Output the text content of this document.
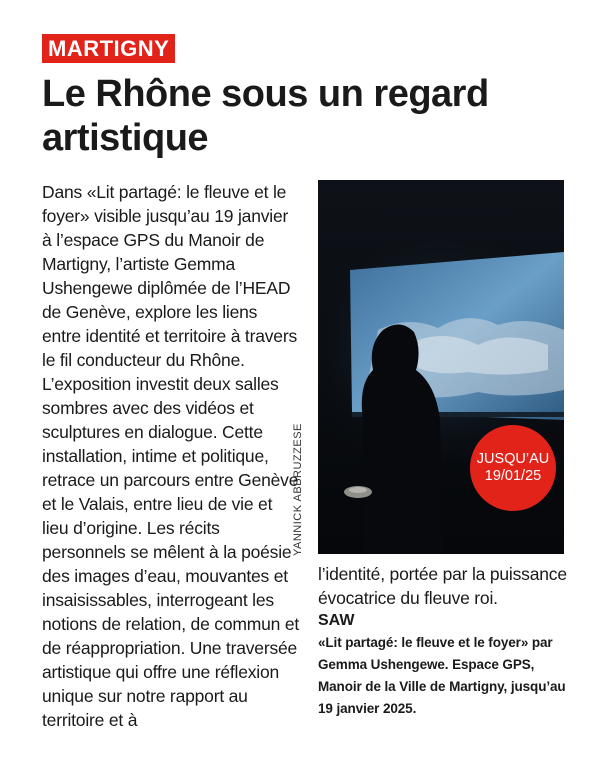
MARTIGNY
Le Rhône sous un regard artistique

Dans «Lit partagé: le fleuve et le foyer» visible jusqu’au 19 janvier à l’espace GPS du Manoir de Martigny, l’artiste Gemma Ushengewe diplômée de l’HEAD de Genève, explore les liens entre identité et territoire à travers le fil conducteur du Rhône. L’exposition investit deux salles sombres avec des vidéos et sculptures en dialogue. Cette installation, intime et politique, retrace un parcours entre Genève et le Valais, entre lieu de vie et lieu d’origine. Les récits personnels se mêlent à la poésie des images d’eau, mouvantes et insaisissables, interrogeant les notions de relation, de commun et de réappropriation. Une traversée artistique qui offre une réflexion unique sur notre rapport au territoire et à

YANNICK ABBRUZZESE	JUSQU’AU
19/01/25

l’identité, portée par la puissance évocatrice du fleuve roi.

SAW

«Lit partagé: le fleuve et le foyer» par Gemma Ushengewe. Espace GPS, Manoir de la Ville de Martigny, jusqu’au 19 janvier 2025.
